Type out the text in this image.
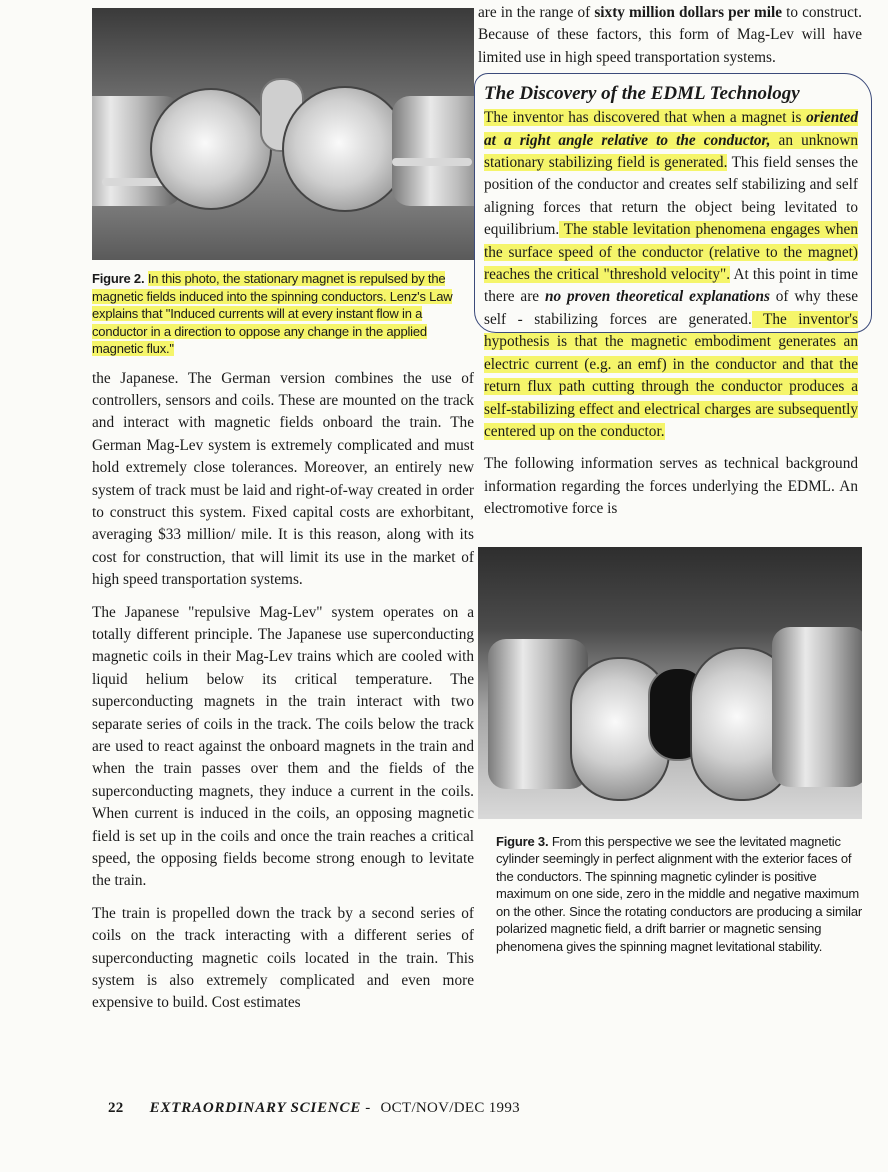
Figure 2. In this photo, the stationary magnet is repulsed by the magnetic fields induced into the spinning conductors. Lenz's Law explains that "Induced currents will at every instant flow in a conductor in a direction to oppose any change in the applied magnetic flux."

the Japanese. The German version combines the use of controllers, sensors and coils. These are mounted on the track and interact with magnetic fields onboard the train. The German Mag-Lev system is extremely complicated and must hold extremely close tolerances. Moreover, an entirely new system of track must be laid and right-of-way created in order to construct this system. Fixed capital costs are exhorbitant, averaging $33 million/ mile. It is this reason, along with its cost for construction, that will limit its use in the market of high speed transportation systems.

The Japanese "repulsive Mag-Lev" system operates on a totally different principle. The Japanese use superconducting magnetic coils in their Mag-Lev trains which are cooled with liquid helium below its critical temperature. The superconducting magnets in the train interact with two separate series of coils in the track. The coils below the track are used to react against the onboard magnets in the train and when the train passes over them and the fields of the superconducting magnets, they induce a current in the coils. When current is induced in the coils, an opposing magnetic field is set up in the coils and once the train reaches a critical speed, the opposing fields become strong enough to levitate the train.

The train is propelled down the track by a second series of coils on the track interacting with a different series of superconducting magnetic coils located in the train. This system is also extremely complicated and even more expensive to build. Cost estimates

are in the range of sixty million dollars per mile to construct. Because of these factors, this form of Mag-Lev will have limited use in high speed transportation systems.

The Discovery of the EDML Technology

The inventor has discovered that when a magnet is oriented at a right angle relative to the conductor, an unknown stationary stabilizing field is generated. This field senses the position of the conductor and creates self stabilizing and self aligning forces that return the object being levitated to equilibrium. The stable levitation phenomena engages when the surface speed of the conductor (relative to the magnet) reaches the critical "threshold velocity". At this point in time there are no proven theoretical explanations of why these self - stabilizing forces are generated. The inventor's hypothesis is that the magnetic embodiment generates an electric current (e.g. an emf) in the conductor and that the return flux path cutting through the conductor produces a self-stabilizing effect and electrical charges are subsequently centered up on the conductor.

The following information serves as technical background information regarding the forces underlying the EDML. An electromotive force is

Figure 3. From this perspective we see the levitated magnetic cylinder seemingly in perfect alignment with the exterior faces of the conductors. The spinning magnetic cylinder is positive maximum on one side, zero in the middle and negative maximum on the other. Since the rotating conductors are producing a similar polarized magnetic field, a drift barrier or magnetic sensing phenomena gives the spinning magnet levitational stability.
22 EXTRAORDINARY SCIENCE - OCT/NOV/DEC 1993
